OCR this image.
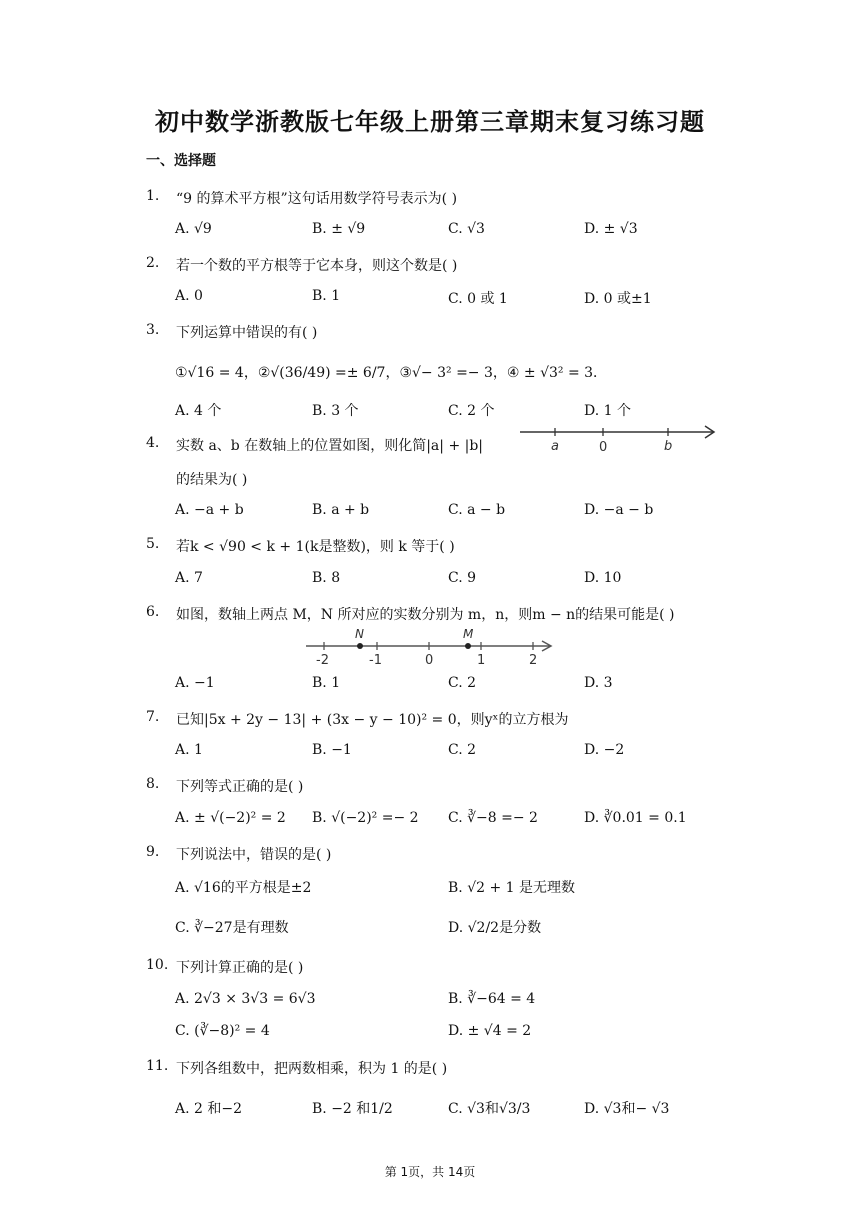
初中数学浙教版七年级上册第三章期末复习练习题
一、选择题
1. “9 的算术平方根”这句话用数学符号表示为( )
A. √9	B. ± √9	C. √3	D. ± √3
2. 若一个数的平方根等于它本身，则这个数是( )
A. 0	B. 1	C. 0 或 1	D. 0 或±1
3. 下列运算中错误的有( )
①√16 = 4，②√(36/49) =± 6/7，③√− 3² =− 3，④ ± √3² = 3．
A. 4 个	B. 3 个	C. 2 个	D. 1 个
4. 实数 a、b 在数轴上的位置如图，则化简|a| + |b|
的结果为( )
a	0	b
A. −a + b	B. a + b	C. a − b	D. −a − b
5. 若k < √90 < k + 1(k是整数)，则 k 等于( )
A. 7	B. 8	C. 9	D. 10
6. 如图，数轴上两点 M，N 所对应的实数分别为 m，n，则m − n的结果可能是( )
N	M
-2	-1	0	1	2
A. −1	B. 1	C. 2	D. 3
7. 已知|5x + 2y − 13| + (3x − y − 10)² = 0，则yˣ的立方根为
A. 1	B. −1	C. 2	D. −2
8. 下列等式正确的是( )
A. ± √(−2)² = 2 B. √(−2)² =− 2 C. ∛−8 =− 2	D. ∛0.01 = 0.1
9. 下列说法中，错误的是( )
A. √16的平方根是±2	B. √2 + 1 是无理数
C. ∛−27是有理数	D. √2/2是分数
10. 下列计算正确的是( )
A. 2√3 × 3√3 = 6√3	B. ∛−64 = 4
C. (∛−8)² = 4	D. ± √4 = 2
11. 下列各组数中，把两数相乘，积为 1 的是( )
A. 2 和−2	B. −2 和1/2	C. √3和√3/3	D. √3和− √3
第 1页，共 14页
